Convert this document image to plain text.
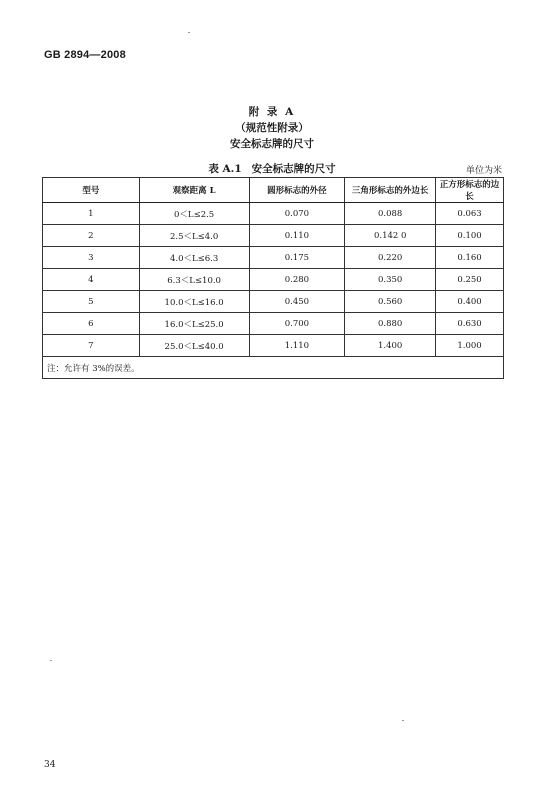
GB 2894—2008
附 录 A
（规范性附录）
安全标志牌的尺寸
表 A.1 安全标志牌的尺寸	单位为米
型号	观察距离 L	圆形标志的外径	三角形标志的外边长	正方形标志的边长
1	0＜L≤2.5	0.070	0.088	0.063
2	2.5＜L≤4.0	0.110	0.142 0	0.100
3	4.0＜L≤6.3	0.175	0.220	0.160
4	6.3＜L≤10.0	0.280	0.350	0.250
5	10.0＜L≤16.0	0.450	0.560	0.400
6	16.0＜L≤25.0	0.700	0.880	0.630
7	25.0＜L≤40.0	1.110	1.400	1.000
注：允许有 3%的误差。				
34
